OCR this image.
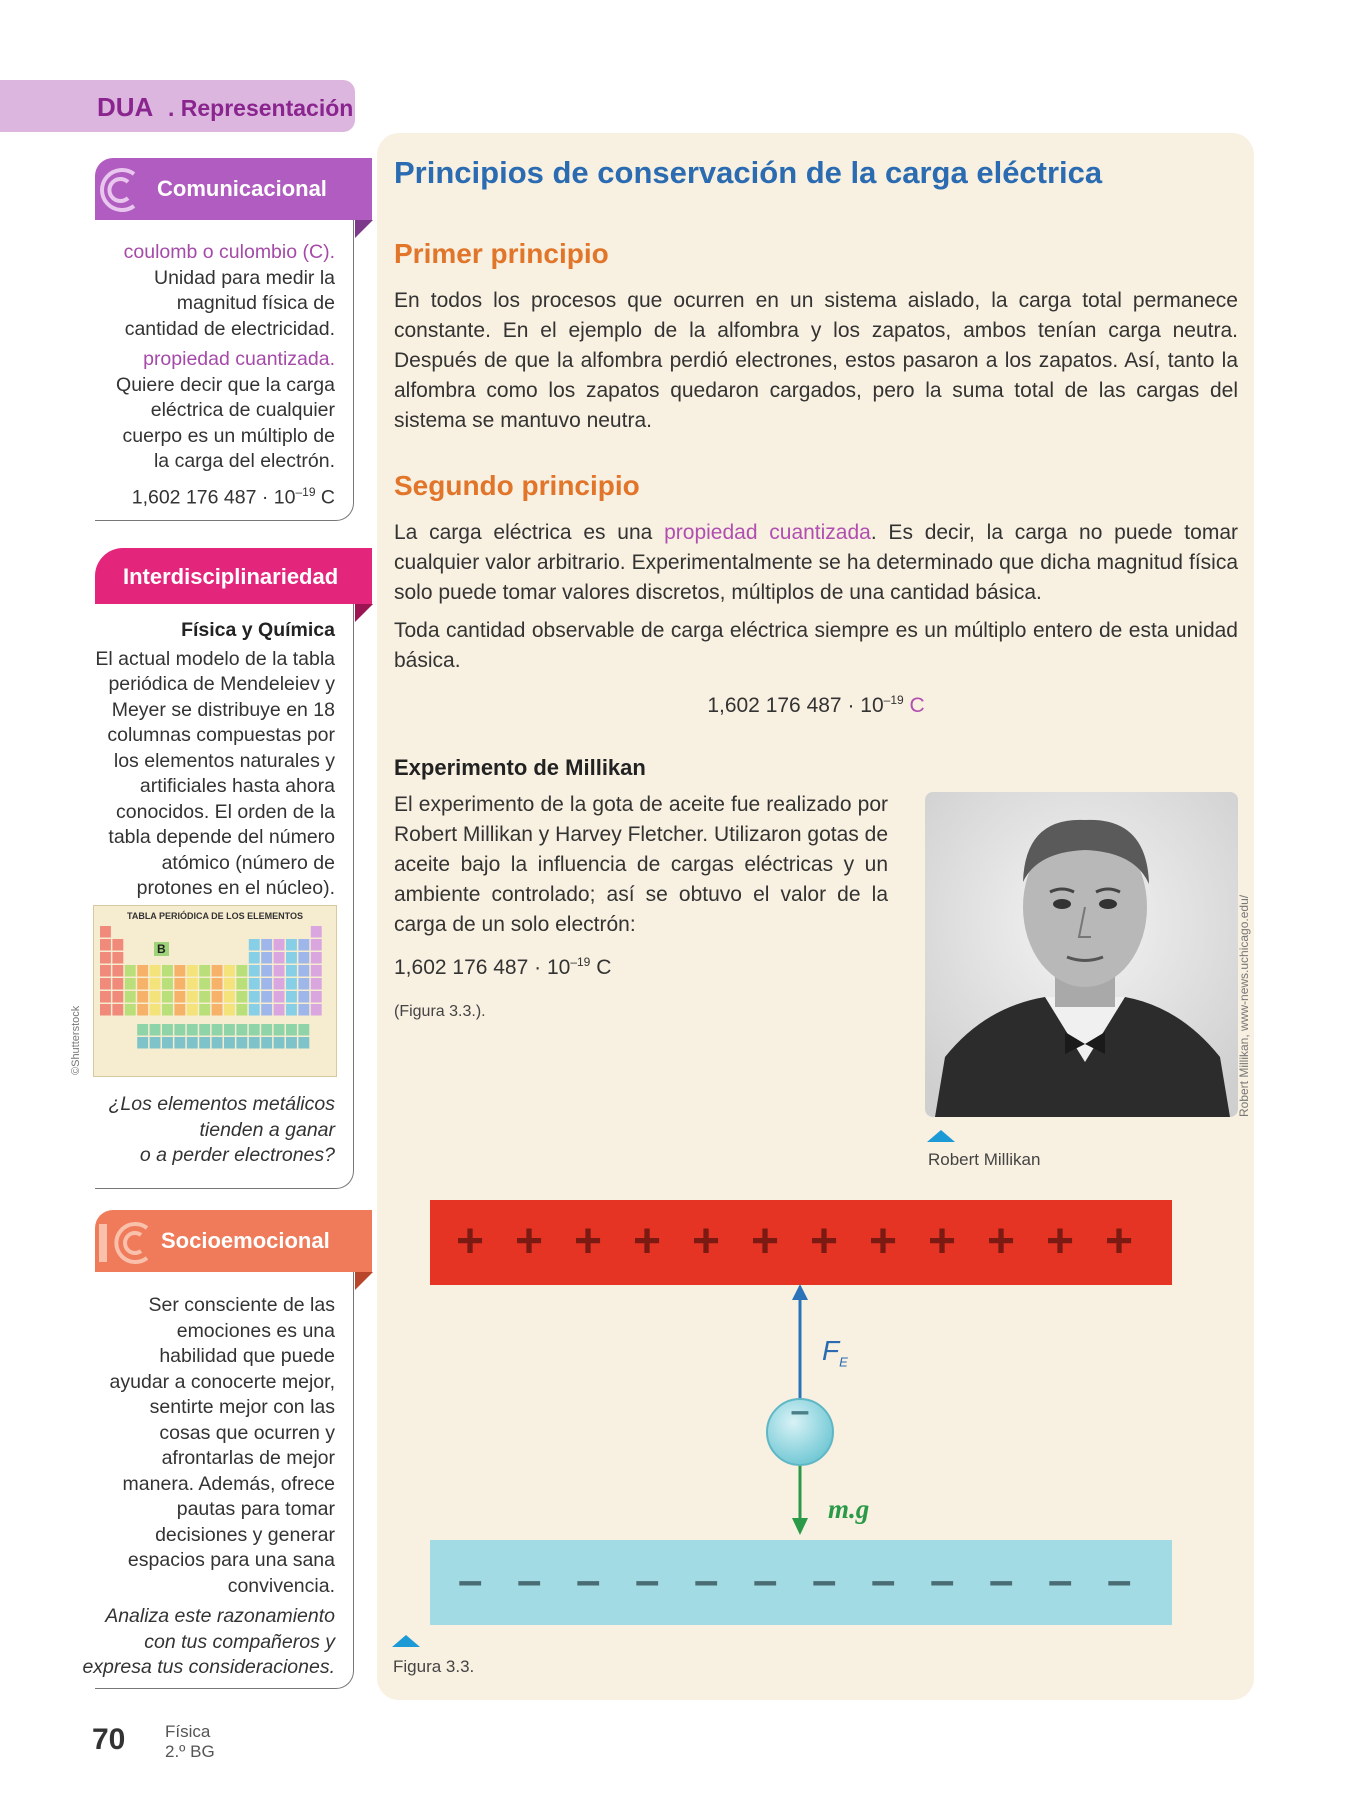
DUA . Representación
Comunicacional
coulomb o culombio (C).
Unidad para medir la
magnitud física de
cantidad de electricidad.
propiedad cuantizada.
Quiere decir que la carga
eléctrica de cualquier
cuerpo es un múltiplo de
la carga del electrón.
1,602 176 $487 \cdot 10^{-19}$ C
Interdisciplinariedad
Física y Química
El actual modelo de la tabla
periódica de Mendeleiev y
Meyer se distribuye en 18
columnas compuestas por
los elementos naturales y
artificiales hasta ahora
conocidos. El orden de la
tabla depende del número
atómico (número de
protones en el núcleo).
TABLA PERIÓDICA DE LOS ELEMENTOS
B
©Shutterstock
¿Los elementos metálicos
tienden a ganar
o a perder electrones?
Socioemocional
Ser consciente de las
emociones es una
habilidad que puede
ayudar a conocerte mejor,
sentirte mejor con las
cosas que ocurren y
afrontarlas de mejor
manera. Además, ofrece
pautas para tomar
decisiones y generar
espacios para una sana
convivencia.
Analiza este razonamiento
con tus compañeros y
expresa tus consideraciones.
Principios de conservación de la carga eléctrica
Primer principio

En todos los procesos que ocurren en un sistema aislado, la carga total permanece constante. En el ejemplo de la alfombra y los zapatos, ambos tenían carga neutra. Después de que la alfombra perdió electrones, estos pasaron a los zapatos. Así, tanto la alfombra como los zapatos quedaron cargados, pero la suma total de las cargas del sistema se mantuvo neutra.

Segundo principio

La carga eléctrica es una propiedad cuantizada. Es decir, la carga no puede tomar cualquier valor arbitrario. Experimentalmente se ha determinado que dicha magnitud física solo puede tomar valores discretos, múltiplos de una cantidad básica.

Toda cantidad observable de carga eléctrica siempre es un múltiplo entero de esta unidad básica.

1,602 176 $487 \cdot 10^{-19}$ C
Experimento de Millikan

El experimento de la gota de aceite fue realizado por Robert Millikan y Harvey Fletcher. Utilizaron gotas de aceite bajo la influencia de cargas eléctricas y un ambiente controlado; así se obtuvo el valor de la carga de un solo electrón:

1,602 176 $487 \cdot 10^{-19}$ C
(Figura 3.3.).	Robert Millikan, www-news.uchicago.edu/
Robert Millikan
+ + + + + + + + + + + +
– – – – – – – – – – – –
–
$F_E$
m.g
Figura 3.3.
70 Física
2.º BG
